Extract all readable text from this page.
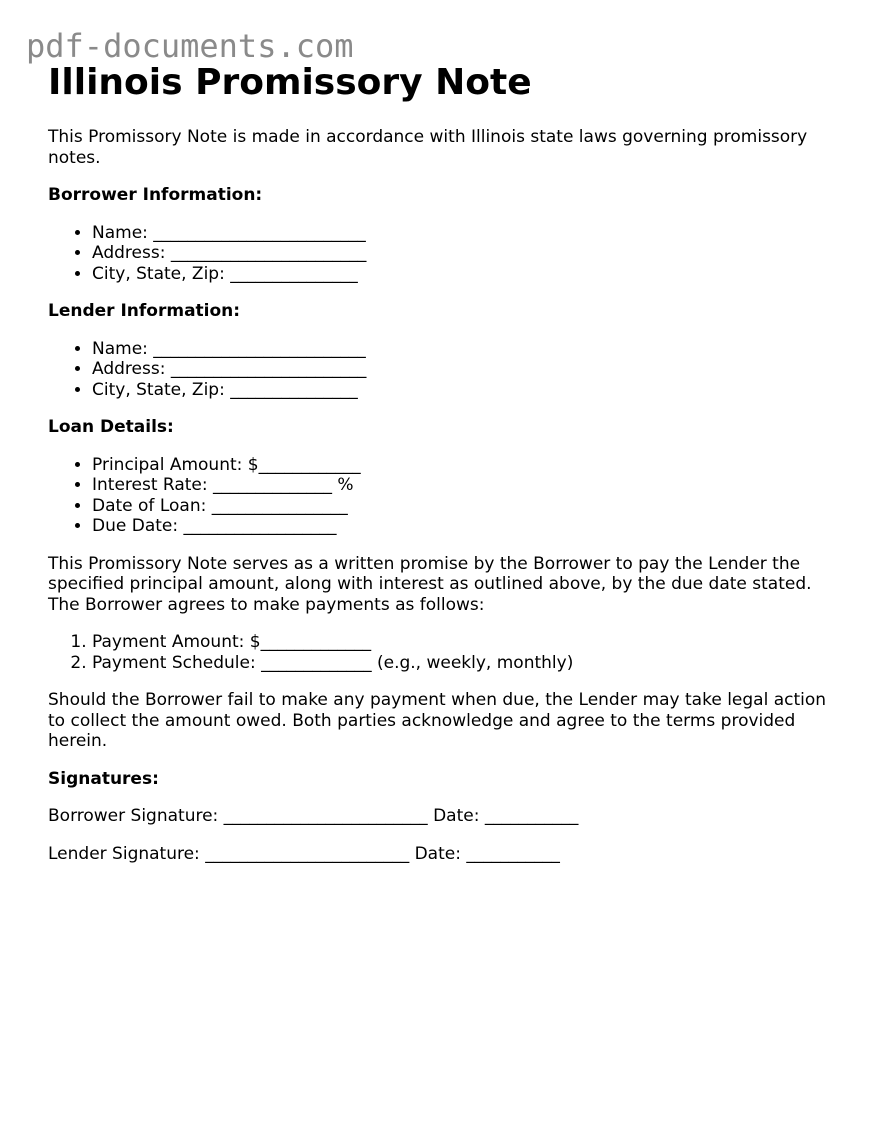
pdf-documents.com
Illinois Promissory Note

This Promissory Note is made in accordance with Illinois state laws governing promissory notes.

Borrower Information:

• Name: _________________________
• Address: _______________________
• City, State, Zip: _______________

Lender Information:

• Name: _________________________
• Address: _______________________
• City, State, Zip: _______________

Loan Details:

• Principal Amount: $____________
• Interest Rate: ______________ %
• Date of Loan: ________________
• Due Date: __________________

This Promissory Note serves as a written promise by the Borrower to pay the Lender the specified principal amount, along with interest as outlined above, by the due date stated. The Borrower agrees to make payments as follows:

1. Payment Amount: $_____________
2. Payment Schedule: _____________ (e.g., weekly, monthly)

Should the Borrower fail to make any payment when due, the Lender may take legal action to collect the amount owed. Both parties acknowledge and agree to the terms provided herein.

Signatures:

Borrower Signature: ________________________ Date: ___________

Lender Signature: ________________________ Date: ___________
